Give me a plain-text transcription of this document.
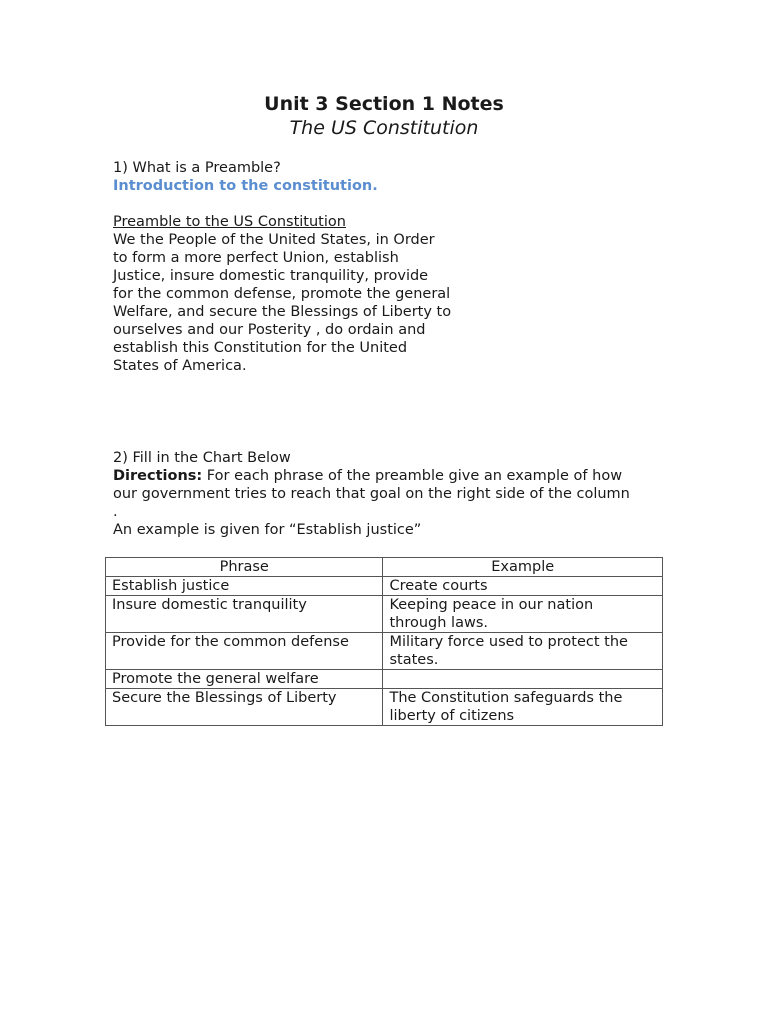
Unit 3 Section 1 Notes
The US Constitution
1) What is a Preamble?
Introduction to the constitution.
Preamble to the US Constitution
We the People of the United States, in Order
to form a more perfect Union, establish
Justice, insure domestic tranquility, provide
for the common defense, promote the general
Welfare, and secure the Blessings of Liberty to
ourselves and our Posterity , do ordain and
establish this Constitution for the United
States of America.
2) Fill in the Chart Below
Directions: For each phrase of the preamble give an example of how
our government tries to reach that goal on the right side of the column
.
An example is given for “Establish justice”
Phrase	Example
Establish justice	Create courts

Insure domestic tranquility	Keeping peace in our nation
through laws.

Provide for the common defense	Military force used to protect the
states.

Promote the general welfare	

Secure the Blessings of Liberty	The Constitution safeguards the
liberty of citizens
